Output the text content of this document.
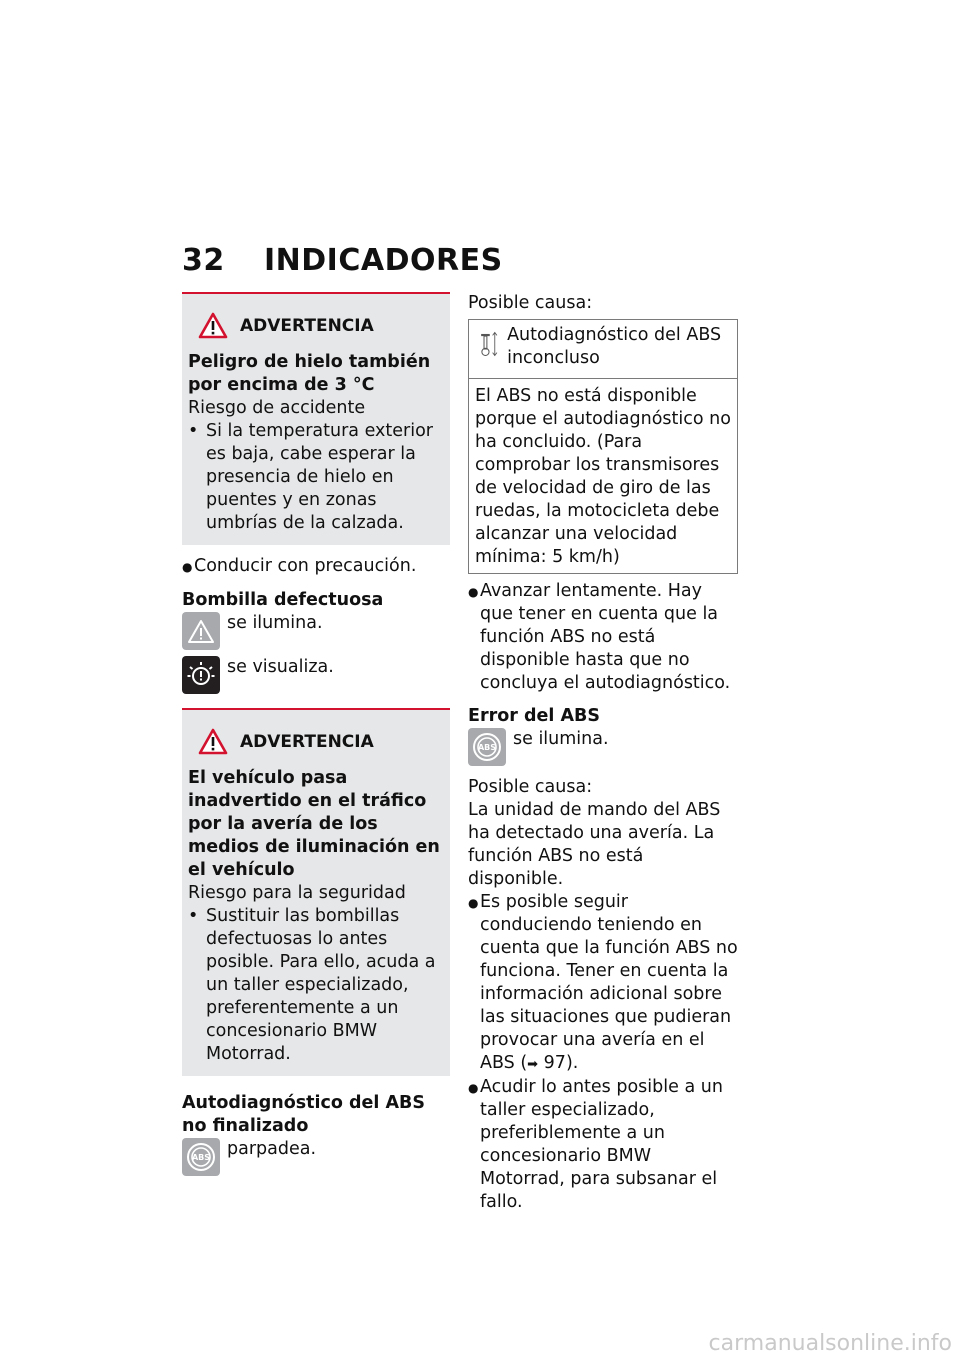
32 INDICADORES
ADVERTENCIA
Peligro de hielo también por encima de 3 °C
Riesgo de accidente
• Si la temperatura exterior es baja, cabe esperar la presencia de hielo en puentes y en zonas umbrías de la calzada.
● Conducir con precaución.
Bombilla defectuosa
se ilumina.
se visualiza.
ADVERTENCIA
El vehículo pasa inadvertido en el tráfico por la avería de los medios de iluminación en el vehículo
Riesgo para la seguridad
• Sustituir las bombillas defectuosas lo antes posible. Para ello, acuda a un taller especializado, preferentemente a un concesionario BMW Motorrad.
Autodiagnóstico del ABS no finalizado
ABS parpadea.
Posible causa:
Autodiagnóstico del ABS inconcluso
El ABS no está disponible porque el autodiagnóstico no ha concluido. (Para comprobar los transmisores de velocidad de giro de las ruedas, la motocicleta debe alcanzar una velocidad mínima: 5 km/h)
● Avanzar lentamente. Hay que tener en cuenta que la función ABS no está disponible hasta que no concluya el autodiagnóstico.
Error del ABS
ABS se ilumina.
Posible causa:
La unidad de mando del ABS ha detectado una avería. La función ABS no está disponible.
● Es posible seguir conduciendo teniendo en cuenta que la función ABS no funciona. Tener en cuenta la información adicional sobre las situaciones que pudieran provocar una avería en el ABS (➡ 97).
● Acudir lo antes posible a un taller especializado, preferiblemente a un concesionario BMW Motorrad, para subsanar el fallo.
carmanualsonline.info
